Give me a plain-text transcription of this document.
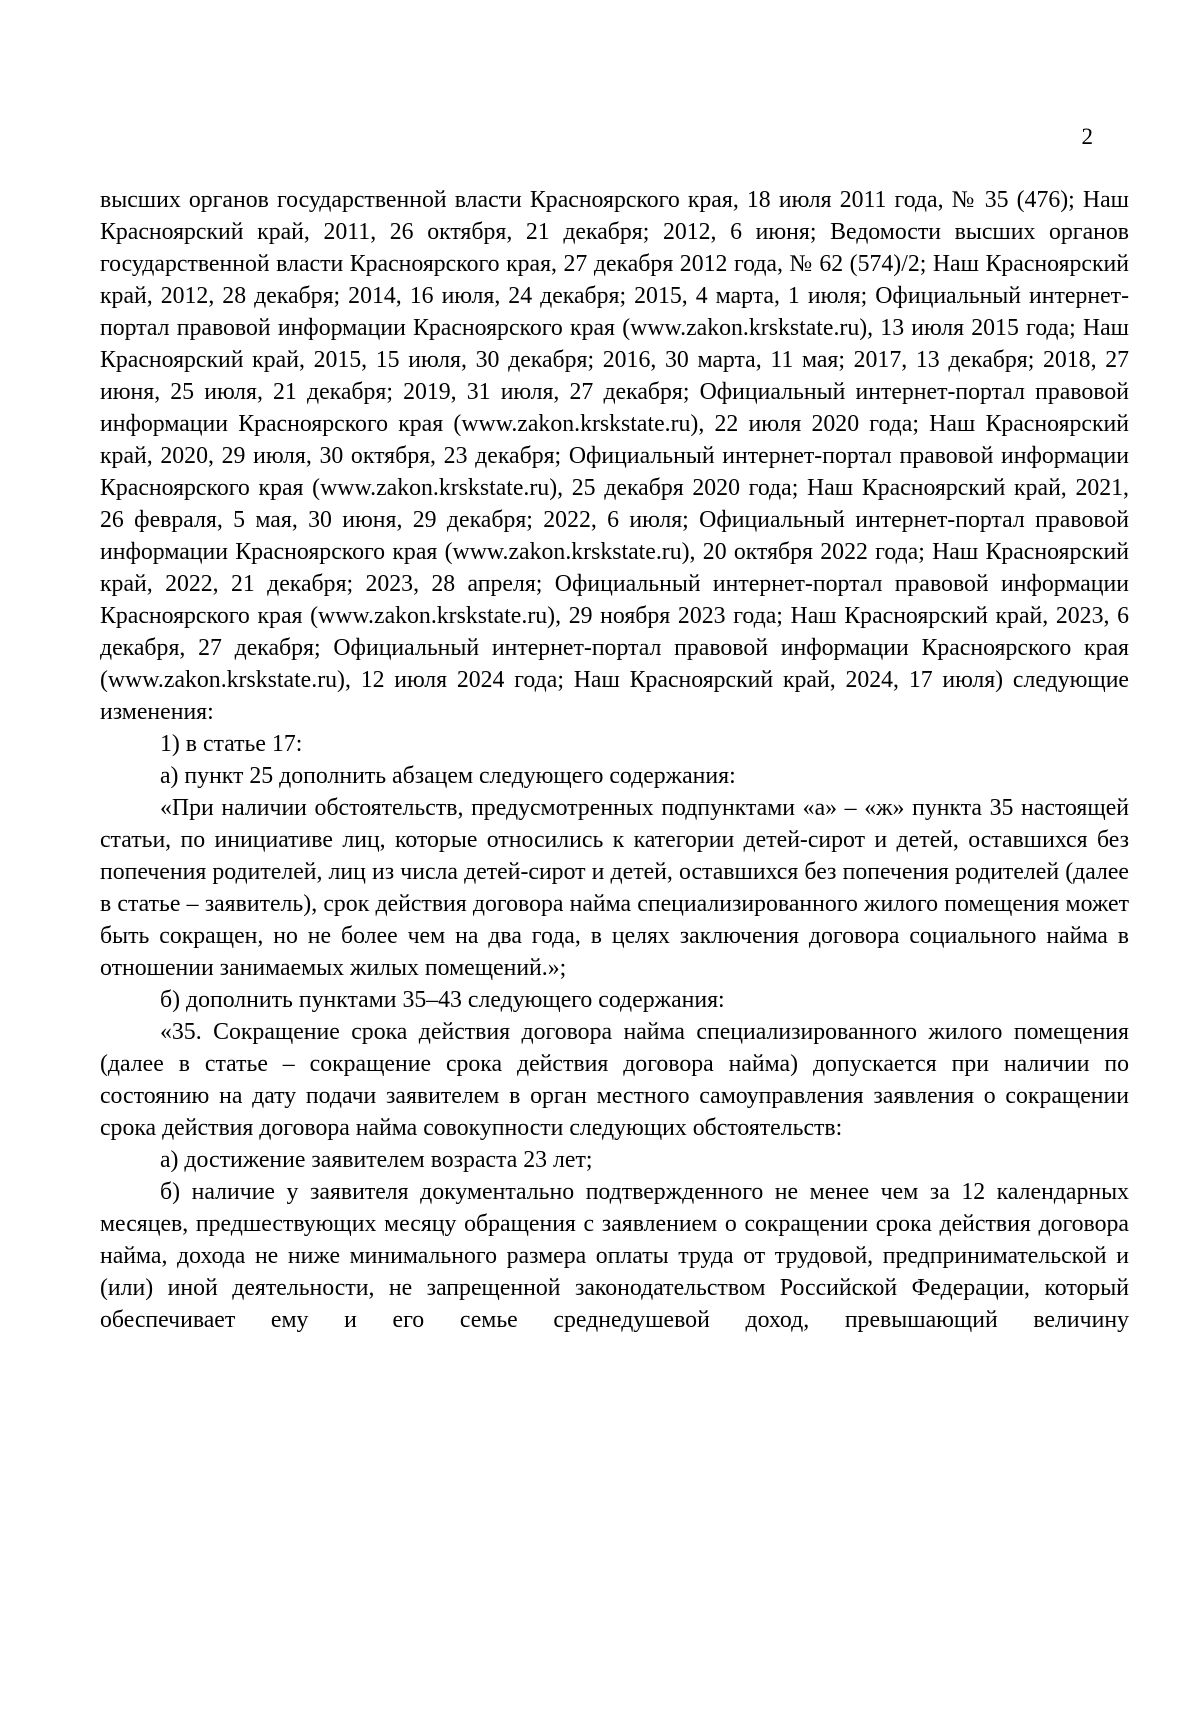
2

высших органов государственной власти Красноярского края, 18 июля 2011 года, № 35 (476); Наш Красноярский край, 2011, 26 октября, 21 декабря; 2012, 6 июня; Ведомости высших органов государственной власти Красноярского края, 27 декабря 2012 года, № 62 (574)/2; Наш Красноярский край, 2012, 28 декабря; 2014, 16 июля, 24 декабря; 2015, 4 марта, 1 июля; Официальный интернет-портал правовой информации Красноярского края (www.zakon.krskstate.ru), 13 июля 2015 года; Наш Красноярский край, 2015, 15 июля, 30 декабря; 2016, 30 марта, 11 мая; 2017, 13 декабря; 2018, 27 июня, 25 июля, 21 декабря; 2019, 31 июля, 27 декабря; Официальный интернет-портал правовой информации Красноярского края (www.zakon.krskstate.ru), 22 июля 2020 года; Наш Красноярский край, 2020, 29 июля, 30 октября, 23 декабря; Официальный интернет-портал правовой информации Красноярского края (www.zakon.krskstate.ru), 25 декабря 2020 года; Наш Красноярский край, 2021, 26 февраля, 5 мая, 30 июня, 29 декабря; 2022, 6 июля; Официальный интернет-портал правовой информации Красноярского края (www.zakon.krskstate.ru), 20 октября 2022 года; Наш Красноярский край, 2022, 21 декабря; 2023, 28 апреля; Официальный интернет-портал правовой информации Красноярского края (www.zakon.krskstate.ru), 29 ноября 2023 года; Наш Красноярский край, 2023, 6 декабря, 27 декабря; Официальный интернет-портал правовой информации Красноярского края (www.zakon.krskstate.ru), 12 июля 2024 года; Наш Красноярский край, 2024, 17 июля) следующие изменения:

1) в статье 17:

а) пункт 25 дополнить абзацем следующего содержания:

«При наличии обстоятельств, предусмотренных подпунктами «а» – «ж» пункта 35 настоящей статьи, по инициативе лиц, которые относились к категории детей-сирот и детей, оставшихся без попечения родителей, лиц из числа детей-сирот и детей, оставшихся без попечения родителей (далее в статье – заявитель), срок действия договора найма специализированного жилого помещения может быть сокращен, но не более чем на два года, в целях заключения договора социального найма в отношении занимаемых жилых помещений.»;

б) дополнить пунктами 35–43 следующего содержания:

«35. Сокращение срока действия договора найма специализированного жилого помещения (далее в статье – сокращение срока действия договора найма) допускается при наличии по состоянию на дату подачи заявителем в орган местного самоуправления заявления о сокращении срока действия договора найма совокупности следующих обстоятельств:

а) достижение заявителем возраста 23 лет;

б) наличие у заявителя документально подтвержденного не менее чем за 12 календарных месяцев, предшествующих месяцу обращения с заявлением о сокращении срока действия договора найма, дохода не ниже минимального размера оплаты труда от трудовой, предпринимательской и (или) иной деятельности, не запрещенной законодательством Российской Федерации, который обеспечивает ему и его семье среднедушевой доход, превышающий величину
